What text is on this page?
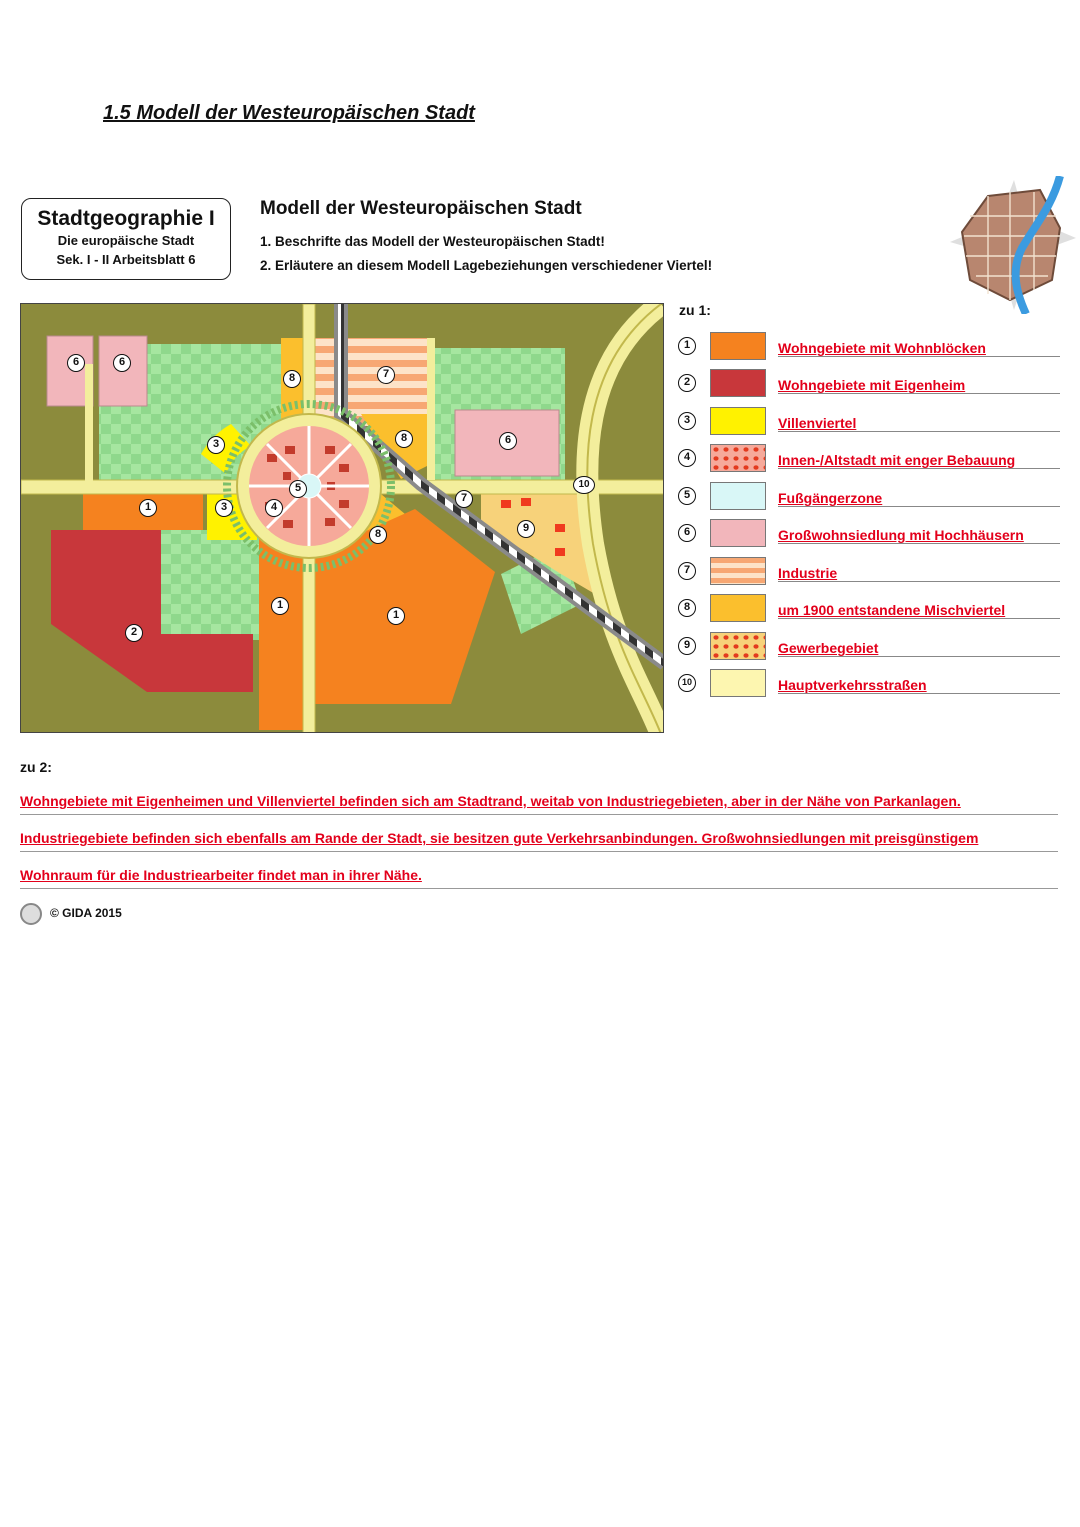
1.5 Modell der Westeuropäischen Stadt
Stadtgeographie I
Die europäische Stadt
Sek. I - II Arbeitsblatt 6
Modell der Westeuropäischen Stadt
1. Beschrifte das Modell der Westeuropäischen Stadt!
2. Erläutere an diesem Modell Lagebeziehungen verschiedener Viertel!
6	6
8	7
8	6
3
5
4
1	3
7
10
9
8
1
1
2
zu 1:
1	Wohngebiete mit Wohnblöcken
2	Wohngebiete mit Eigenheim
3	Villenviertel
4	Innen-/Altstadt mit enger Bebauung
5	Fußgängerzone
6	Großwohnsiedlung mit Hochhäusern
7	Industrie
8	um 1900 entstandene Mischviertel
9	Gewerbegebiet
10	Hauptverkehrsstraßen
zu 2:
Wohngebiete mit Eigenheimen und Villenviertel befinden sich am Stadtrand, weitab von Industriegebieten, aber in der Nähe von Parkanlagen.
Industriegebiete befinden sich ebenfalls am Rande der Stadt, sie besitzen gute Verkehrsanbindungen. Großwohnsiedlungen mit preisgünstigem
Wohnraum für die Industriearbeiter findet man in ihrer Nähe.
© GIDA 2015
